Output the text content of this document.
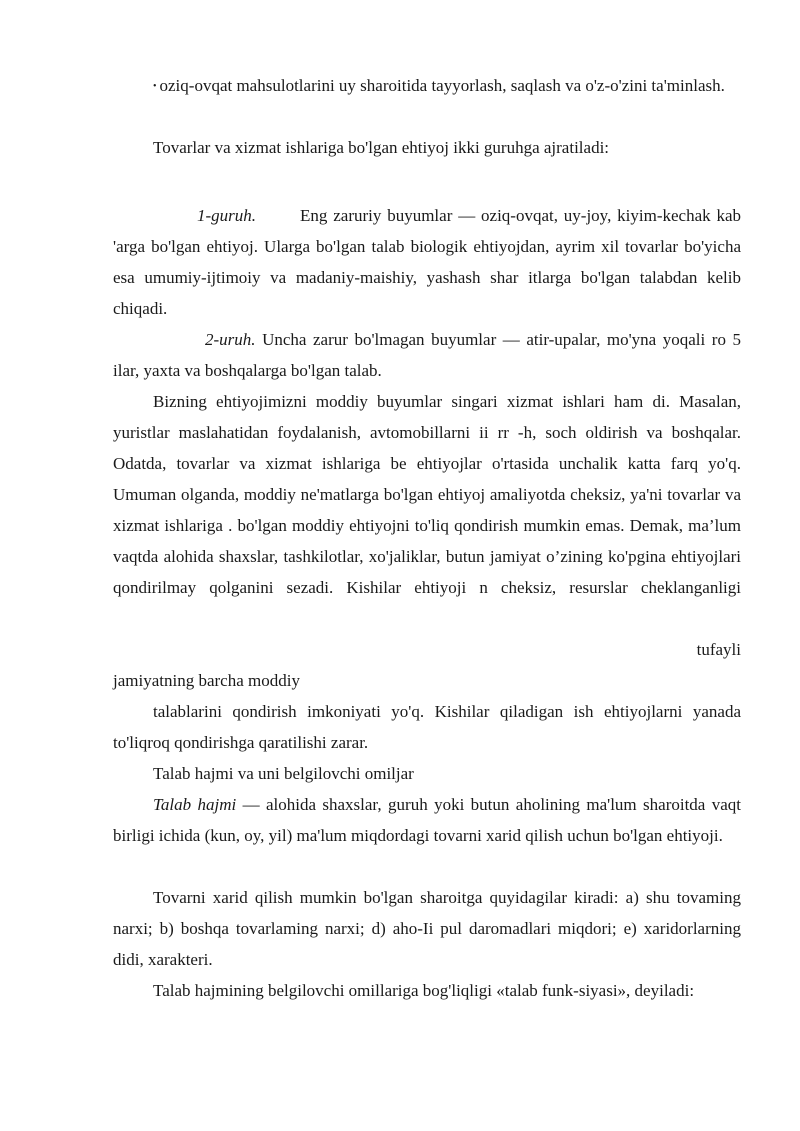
• oziq-ovqat mahsulotlarini uy sharoitida tayyorlash, saqlash va o'z-o'zini ta'minlash.

Tovarlar va xizmat ishlariga bo'lgan ehtiyoj ikki guruhga ajratiladi:

1-guruh.	Eng zaruriy buyumlar — oziq-ovqat, uy-joy, kiyim-kechak kab 'arga bo'lgan ehtiyoj. Ularga bo'lgan talab biologik ehtiyojdan, ayrim xil tovarlar bo'yicha esa umumiy-ijtimoiy va madaniy-maishiy, yashash shar itlarga bo'lgan talabdan kelib chiqadi.

2-uruh. Uncha zarur bo'lmagan buyumlar — atir-upalar, mo'yna yoqali ro 5 ilar, yaxta va boshqalarga bo'lgan talab.

Bizning ehtiyojimizni moddiy buyumlar singari xizmat ishlari ham di. Masalan, yuristlar maslahatidan foydalanish, avtomobillarni ii rr -h, soch oldirish va boshqalar. Odatda, tovarlar va xizmat ishlariga be ehtiyojlar o'rtasida unchalik katta farq yo'q. Umuman olganda, moddiy ne'matlarga bo'lgan ehtiyoj amaliyotda cheksiz, ya'ni tovarlar va xizmat ishlariga . bo'lgan moddiy ehtiyojni to'liq qondirish mumkin emas. Demak, ma’lum vaqtda alohida shaxslar, tashkilotlar, xo'jaliklar, butun jamiyat o’zining ko'pgina ehtiyojlari qondirilmay qolganini sezadi. Kishilar ehtiyoji n cheksiz, resurslar cheklanganligi

tufayli

jamiyatning barcha moddiy

talablarini qondirish imkoniyati yo'q. Kishilar qiladigan ish ehtiyojlarni yanada to'liqroq qondirishga qaratilishi zarar.

Talab hajmi va uni belgilovchi omiljar

Talab hajmi — alohida shaxslar, guruh yoki butun aholining ma'lum sharoitda vaqt birligi ichida (kun, oy, yil) ma'lum miqdordagi tovarni xarid qilish uchun bo'lgan ehtiyoji.

Tovarni xarid qilish mumkin bo'lgan sharoitga quyidagilar kiradi: a) shu tovaming narxi; b) boshqa tovarlaming narxi; d) aho-Ii pul daromadlari miqdori; e) xaridorlarning didi, xarakteri.

Talab hajmining belgilovchi omillariga bog'liqligi «talab funk-siyasi», deyiladi:
